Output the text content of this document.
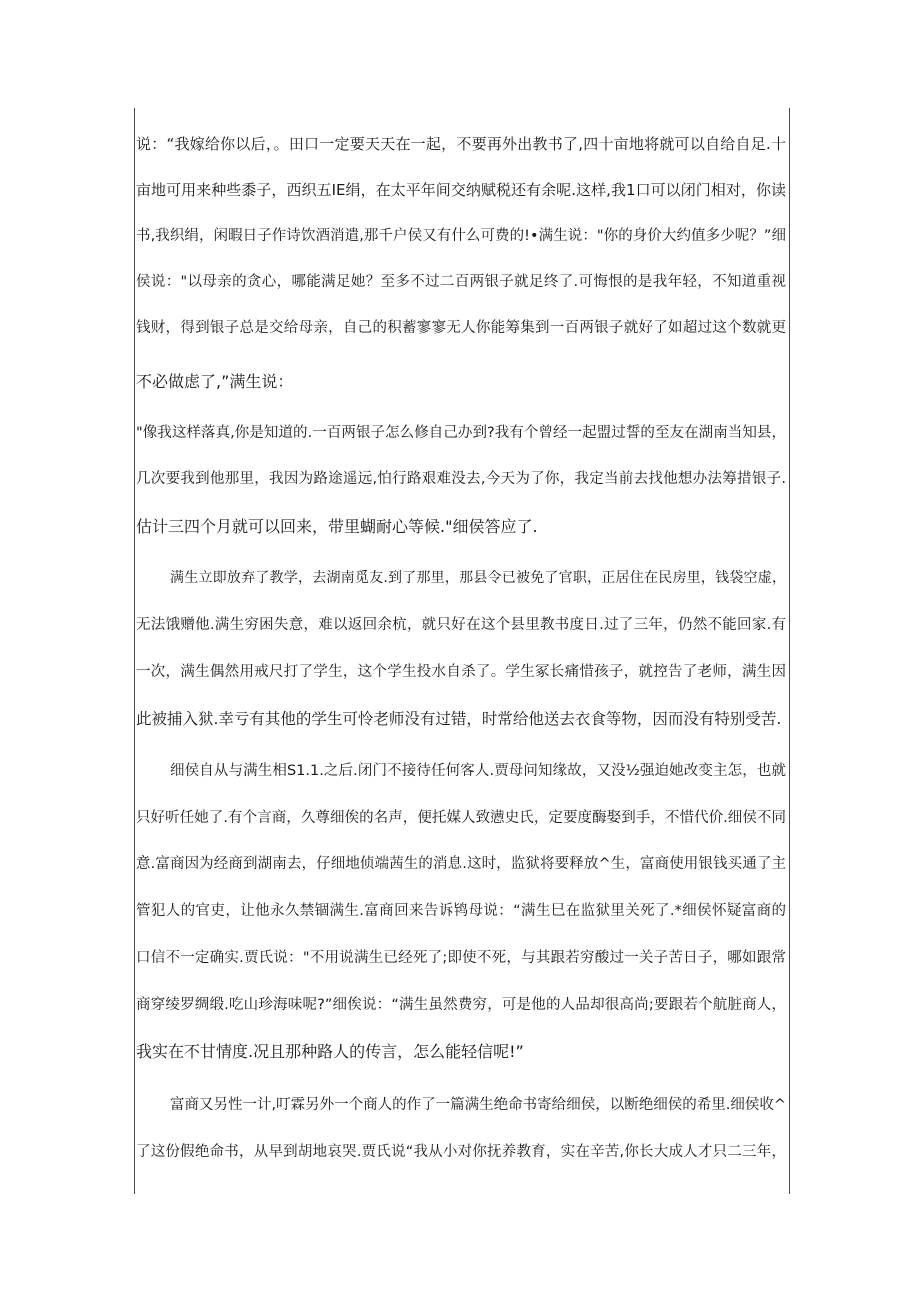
说：“我嫁给你以后，。田口一定要天天在一起，不要再外出教书了,四十亩地将就可以自给自足.十
亩地可用来种些黍子，西织五IE绢，在太平年间交纳赋税还有余呢.这样,我1口可以闭门相对，你读
书,我织绢，闲暇日子作诗饮酒消遣,那千户侯又有什么可费的!•满生说："你的身价大约值多少呢？”细
侯说："以母亲的贪心，哪能满足她？至多不过二百两银子就足终了.可悔恨的是我年轻，不知道重视
钱财，得到银子总是交给母亲，自己的积蓄寥寥无人你能筹集到一百两银子就好了如超过这个数就更
不必做虑了,”满生说：
"像我这样落真,你是知道的.一百两银子怎么修自己办到?我有个曾经一起盟过誓的至友在湖南当知县，
几次要我到他那里，我因为路途遥远,怕行路艰难没去,今天为了你，我定当前去找他想办法筹措银子.
估计三四个月就可以回来，带里蝴耐心等候."细侯答应了.
满生立即放弃了教学，去湖南觅友.到了那里，那县令已被免了官职，正居住在民房里，钱袋空虚，
无法饿赠他.满生穷困失意，难以返回余杭，就只好在这个县里教书度日.过了三年，仍然不能回家.有
一次，满生偶然用戒尺打了学生，这个学生投水自杀了。学生冢长痛惜孩子，就控告了老师，满生因
此被捕入狱.幸亏有其他的学生可怜老师没有过错，时常给他送去衣食等物，因而没有特别受苦.
细侯自从与满生相S1.1.之后.闭门不接待任何客人.贾母问知缘故，又没½强迫她改变主怎，也就
只好听任她了.有个言商，久尊细俟的名声，便托媒人致懑史氏，定要度酶娶到手，不惜代价.细侯不同
意.富商因为经商到湖南去，仔细地侦端茜生的消息.这时，监狱将要释放^生，富商使用银钱买通了主
管犯人的官吏，让他永久禁锢满生.富商回来告诉鸨母说：“满生巳在监狱里关死了.*细侯怀疑富商的
口信不一定确实.贾氏说："不用说满生已经死了;即使不死，与其跟若穷酸过一关子苦日子，哪如跟常
商穿绫罗绸缎.吃山珍海味呢?”细俟说：“满生虽然费穷，可是他的人品却很高尚;要跟若个航脏商人，
我实在不甘情度.况且那种路人的传言，怎么能轻信呢!”
富商又另性一计,叮霖另外一个商人的作了一篇满生绝命书寄给细侯，以断绝细侯的希里.细侯收^
了这份假绝命书，从早到胡地哀哭.贾氏说“我从小对你抚养教育，实在辛苦,你长大成人才只二三年，
